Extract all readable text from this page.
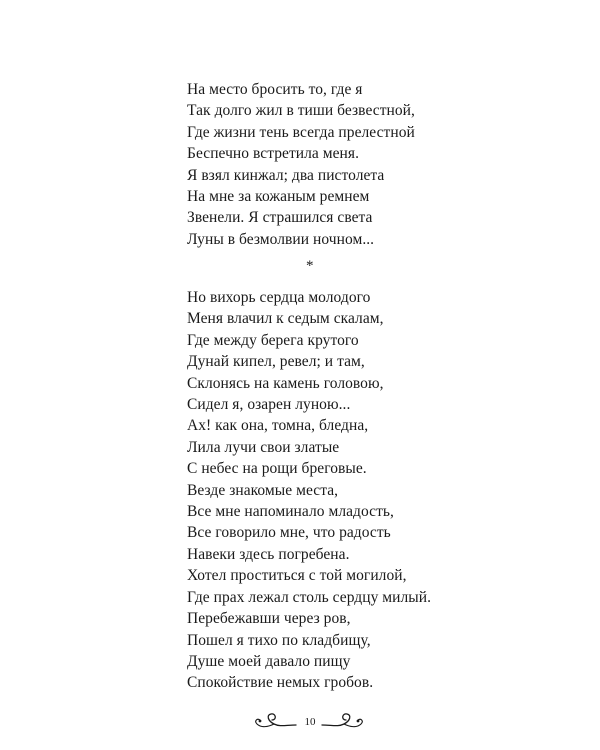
На место бросить то, где я
Так долго жил в тиши безвестной,
Где жизни тень всегда прелестной
Беспечно встретила меня.
Я взял кинжал; два пистолета
На мне за кожаным ремнем
Звенели. Я страшился света
Луны в безмолвии ночном...
*
Но вихорь сердца молодого
Меня влачил к седым скалам,
Где между берега крутого
Дунай кипел, ревел; и там,
Склонясь на камень головою,
Сидел я, озарен луною...
Ах! как она, томна, бледна,
Лила лучи свои златые
С небес на рощи бреговые.
Везде знакомые места,
Все мне напоминало младость,
Все говорило мне, что радость
Навеки здесь погребена.
Хотел проститься с той могилой,
Где прах лежал столь сердцу милый.
Перебежавши через ров,
Пошел я тихо по кладбищу,
Душе моей давало пищу
Спокойствие немых гробов.
10
